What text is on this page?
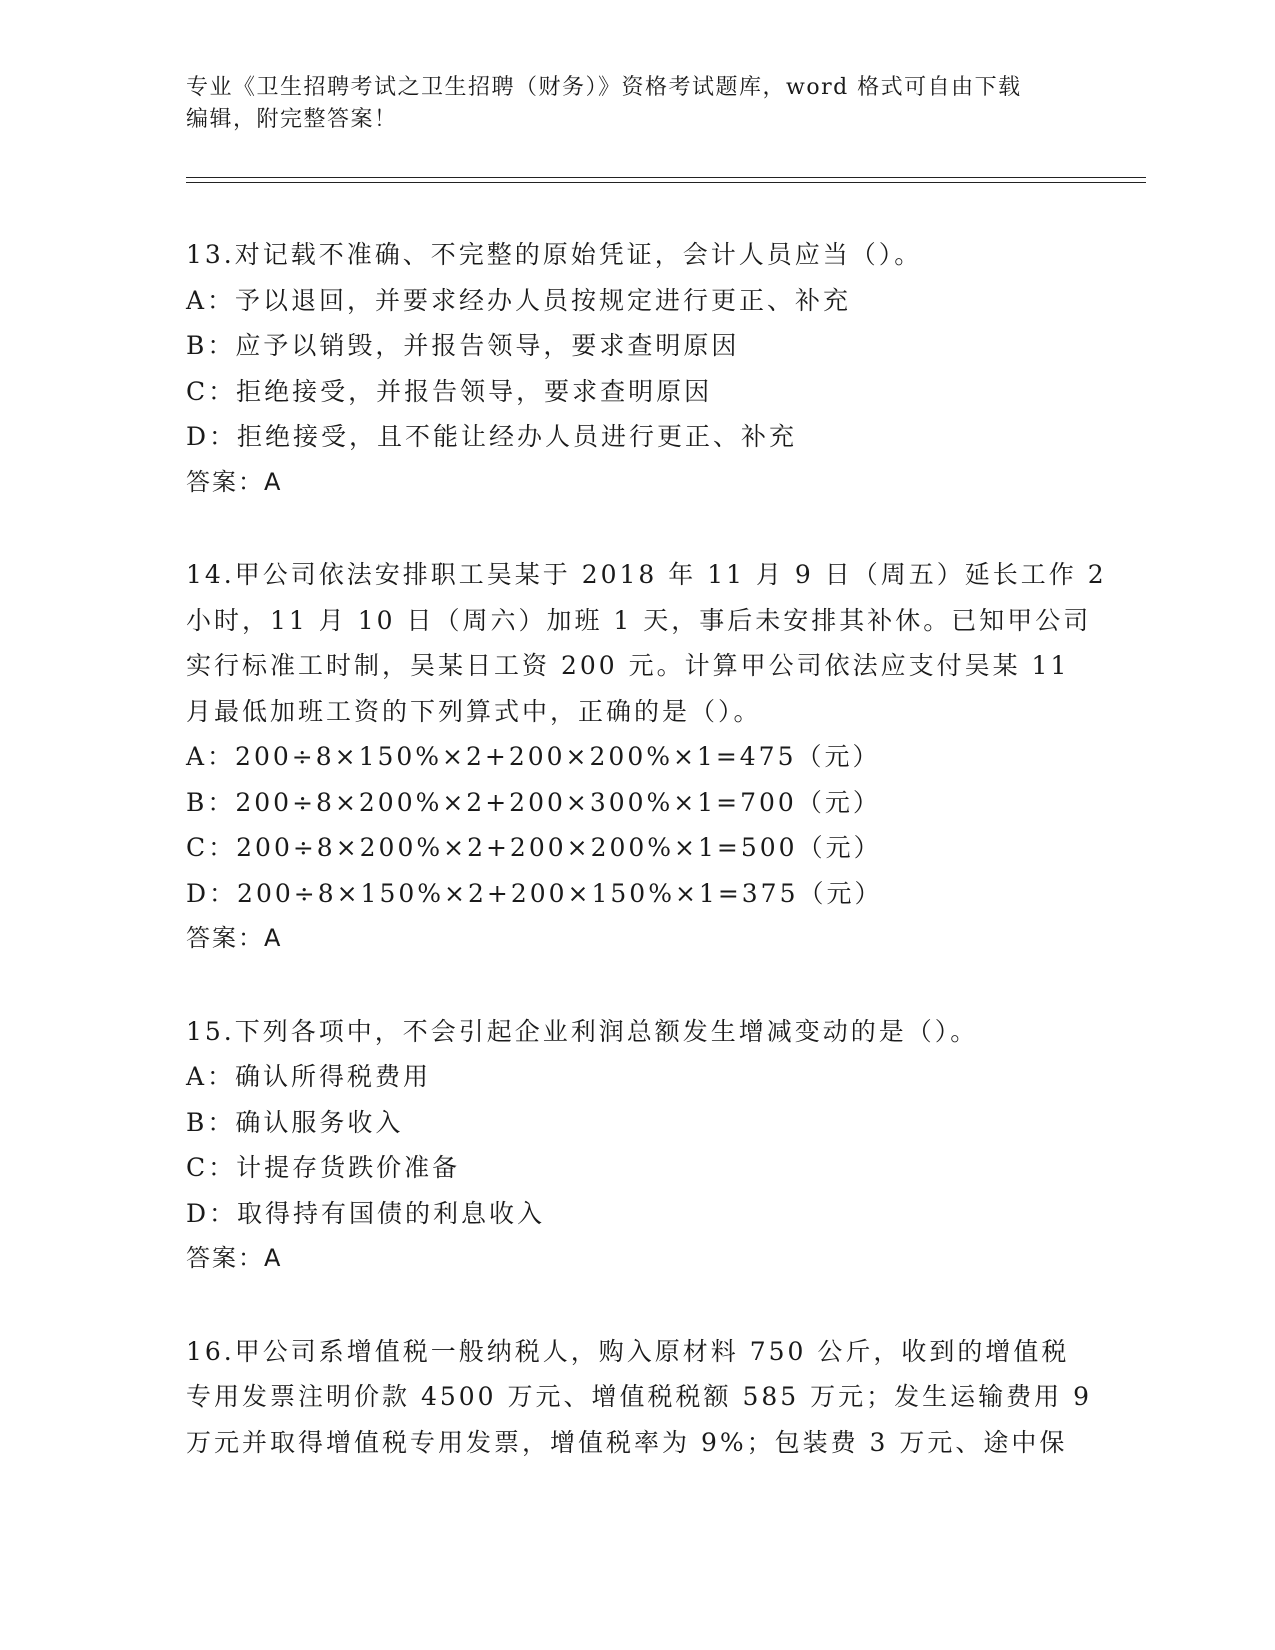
专业《卫生招聘考试之卫生招聘（财务）》资格考试题库，word 格式可自由下载
编辑，附完整答案！
13.对记载不准确、不完整的原始凭证，会计人员应当（）。
A：予以退回，并要求经办人员按规定进行更正、补充
B：应予以销毁，并报告领导，要求查明原因
C：拒绝接受，并报告领导，要求查明原因
D：拒绝接受，且不能让经办人员进行更正、补充
答案：A
14.甲公司依法安排职工吴某于 2018 年 11 月 9 日（周五）延长工作 2
小时，11 月 10 日（周六）加班 1 天，事后未安排其补休。已知甲公司
实行标准工时制，吴某日工资 200 元。计算甲公司依法应支付吴某 11
月最低加班工资的下列算式中，正确的是（）。
A：200÷8×150%×2+200×200%×1=475（元）
B：200÷8×200%×2+200×300%×1=700（元）
C：200÷8×200%×2+200×200%×1=500（元）
D：200÷8×150%×2+200×150%×1=375（元）
答案：A
15.下列各项中，不会引起企业利润总额发生增减变动的是（）。
A：确认所得税费用
B：确认服务收入
C：计提存货跌价准备
D：取得持有国债的利息收入
答案：A
16.甲公司系增值税一般纳税人，购入原材料 750 公斤，收到的增值税
专用发票注明价款 4500 万元、增值税税额 585 万元；发生运输费用 9
万元并取得增值税专用发票，增值税率为 9%；包装费 3 万元、途中保
